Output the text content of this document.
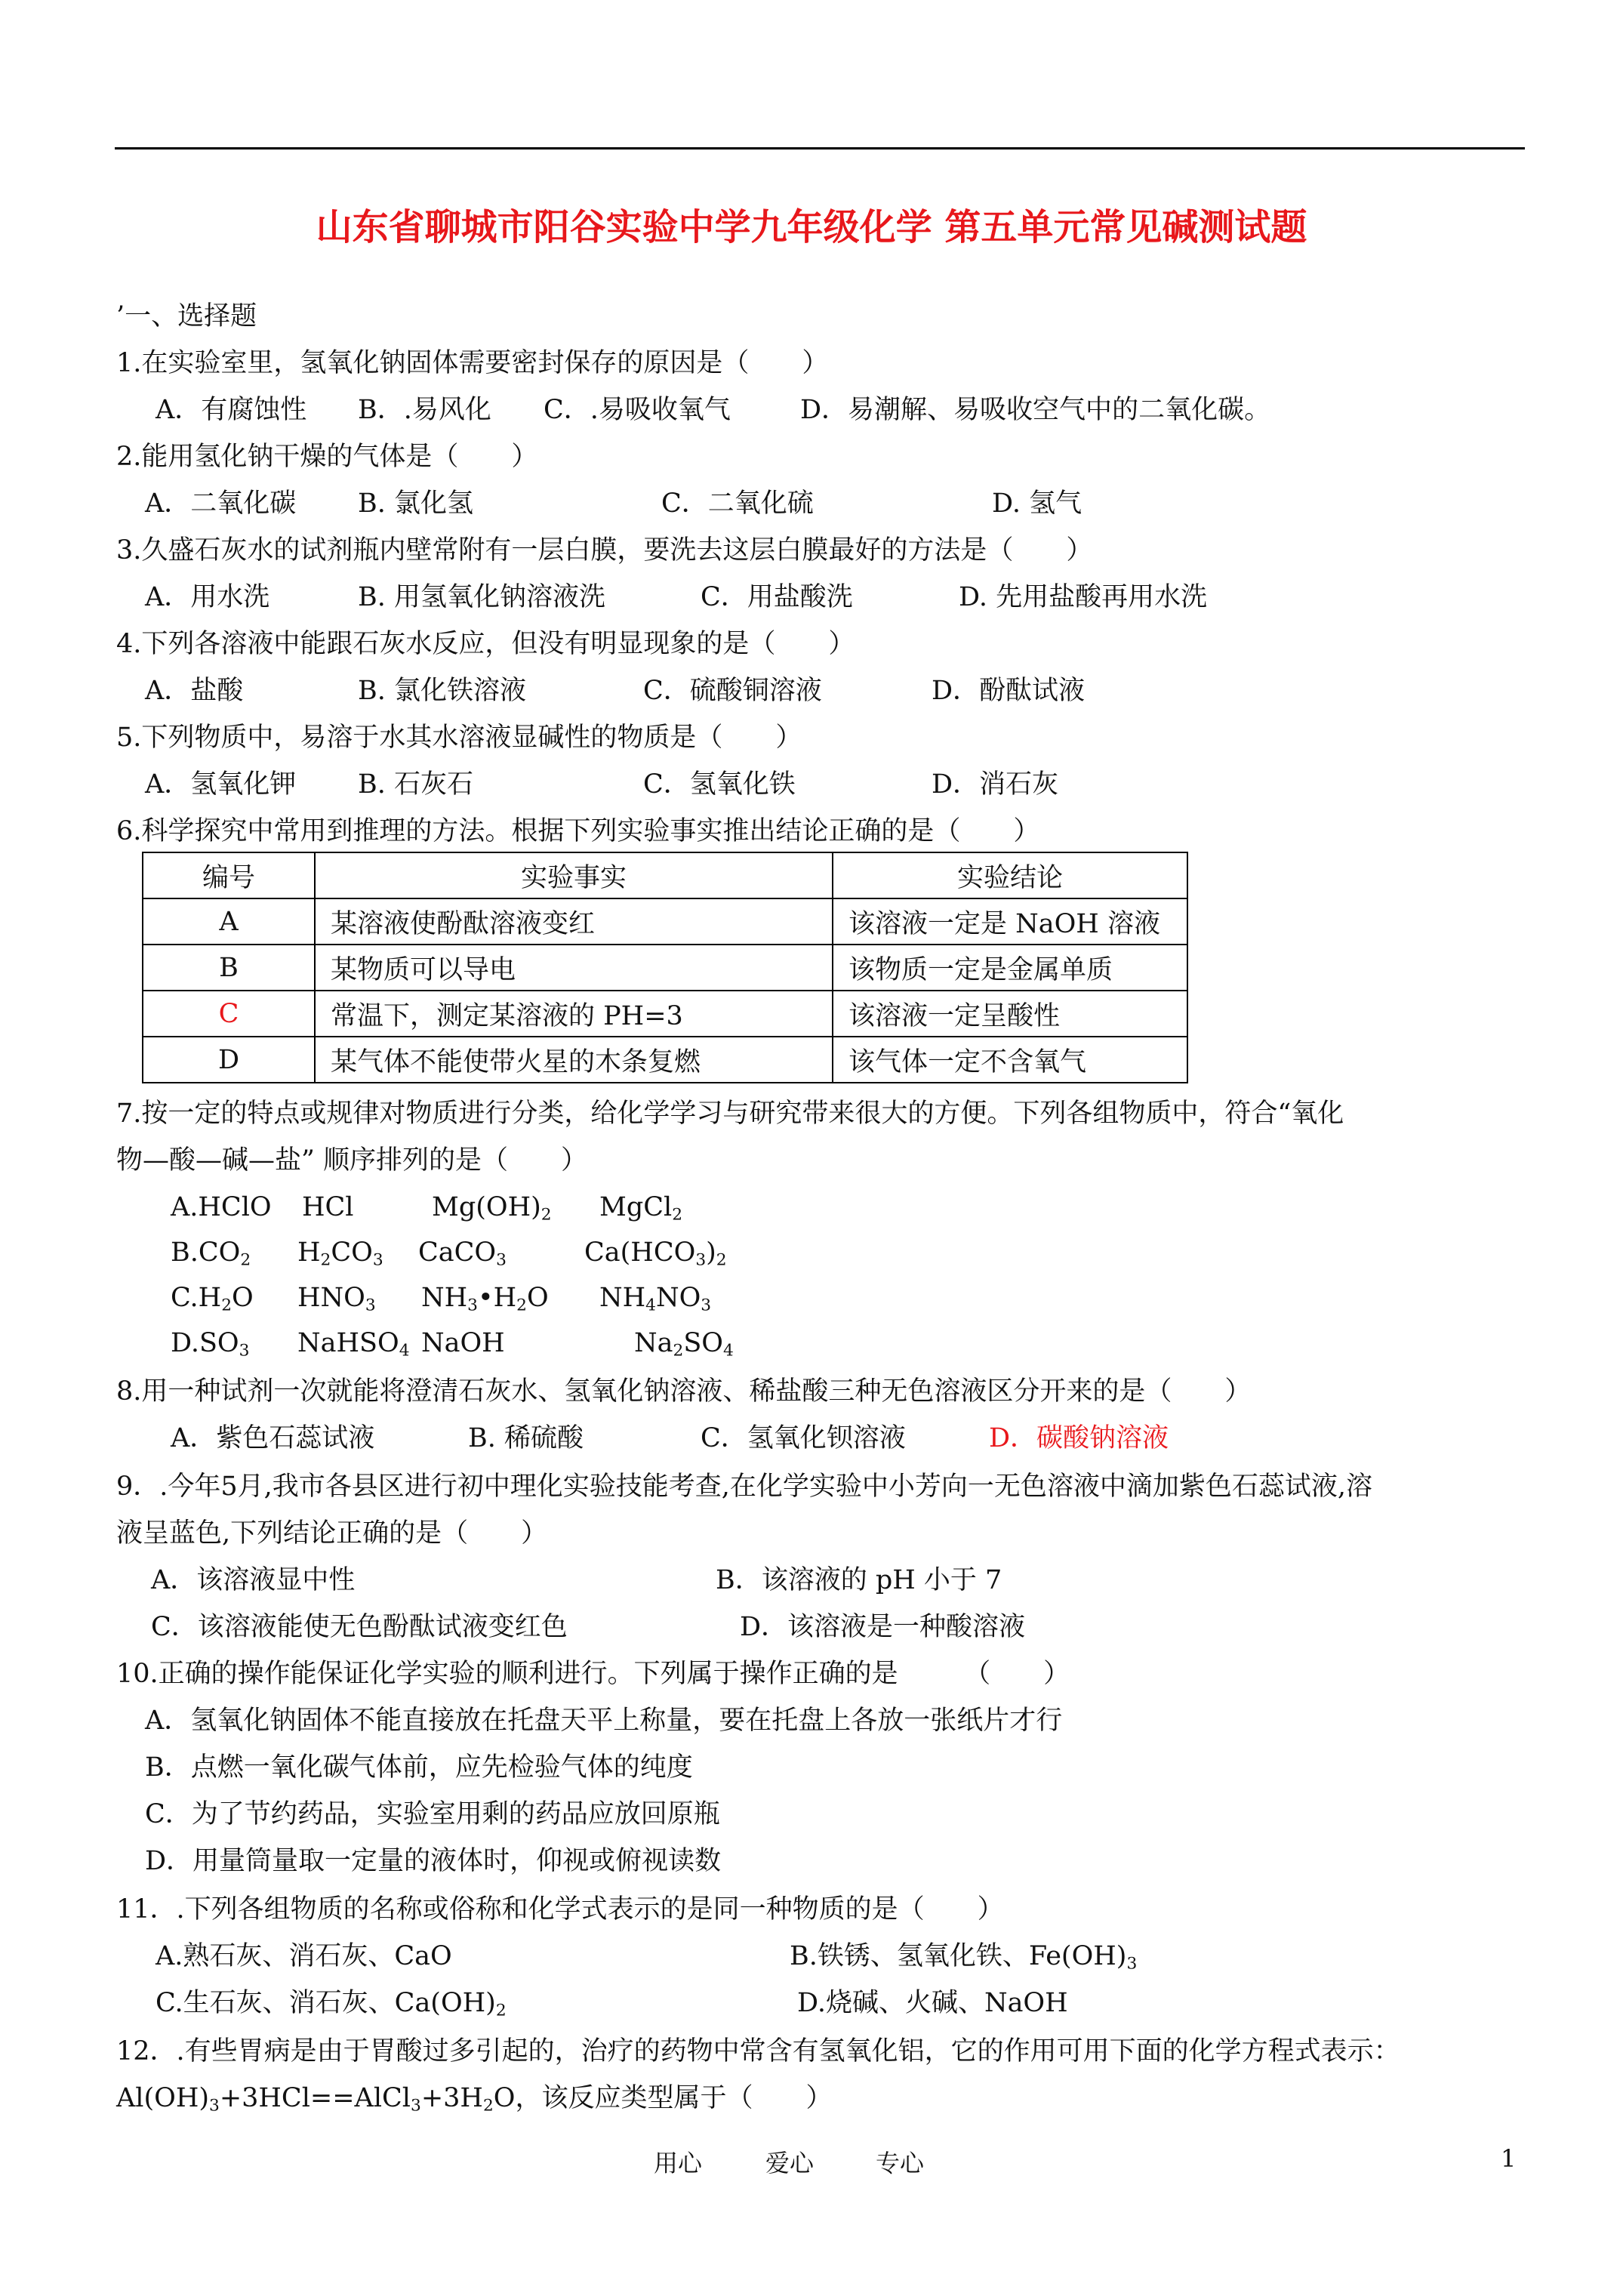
山东省聊城市阳谷实验中学九年级化学 第五单元常见碱测试题
’一、选择题
1.在实验室里，氢氧化钠固体需要密封保存的原因是（　　）
A．有腐蚀性 B．.易风化 C．.易吸收氧气	D．易潮解、易吸收空气中的二氧化碳。
2.能用氢化钠干燥的气体是（　　）
A．二氧化碳 B. 氯化氢	C．二氧化硫	D. 氢气
3.久盛石灰水的试剂瓶内壁常附有一层白膜，要洗去这层白膜最好的方法是（　　）
A．用水洗	B. 用氢氧化钠溶液洗	C．用盐酸洗	D. 先用盐酸再用水洗
4.下列各溶液中能跟石灰水反应，但没有明显现象的是（　　）
A．盐酸	B. 氯化铁溶液	C．硫酸铜溶液	D．酚酞试液
5.下列物质中，易溶于水其水溶液显碱性的物质是（　　）
A．氢氧化钾 B. 石灰石	C．氢氧化铁	D．消石灰
6.科学探究中常用到推理的方法。根据下列实验事实推出结论正确的是（　　）
编号	实验事实	实验结论
A	某溶液使酚酞溶液变红	该溶液一定是 NaOH 溶液
B	某物质可以导电	该物质一定是金属单质
C	常温下，测定某溶液的 PH=3	该溶液一定呈酸性
D	某气体不能使带火星的木条复燃	该气体一定不含氧气
7.按一定的特点或规律对物质进行分类，给化学学习与研究带来很大的方便。下列各组物质中，符合“氧化
物—酸—碱—盐” 顺序排列的是（　　）
A.HClO HCl	$Mg(OH)_2$ MgCl$_2$
$B.CO_2$ $H_2CO_3$ CaCO$_3$	$Ca(HCO_3)_2$
$C.H_2O$ $HNO_3$ $NH_3•H_2O$ $NH_4NO_3$
$D.SO_3$ NaHSO$_4$ NaOH	$Na_2SO_4$
8.用一种试剂一次就能将澄清石灰水、氢氧化钠溶液、稀盐酸三种无色溶液区分开来的是（　　）
A．紫色石蕊试液	B. 稀硫酸	C．氢氧化钡溶液	D．碳酸钠溶液
9．.今年5月,我市各县区进行初中理化实验技能考查,在化学实验中小芳向一无色溶液中滴加紫色石蕊试液,溶
液呈蓝色,下列结论正确的是（　　）
A．该溶液显中性	B．该溶液的 pH 小于 7
C．该溶液能使无色酚酞试液变红色	D．该溶液是一种酸溶液
10.正确的操作能保证化学实验的顺利进行。下列属于操作正确的是　　　（　　）
A．氢氧化钠固体不能直接放在托盘天平上称量，要在托盘上各放一张纸片才行
B．点燃一氧化碳气体前，应先检验气体的纯度
C．为了节约药品，实验室用剩的药品应放回原瓶
D．用量筒量取一定量的液体时，仰视或俯视读数
11．.下列各组物质的名称或俗称和化学式表示的是同一种物质的是（　　）
A.熟石灰、消石灰、CaO	B.铁锈、氢氧化铁、$Fe(OH)_3$
C.生石灰、消石灰、$Ca(OH)_2$	D.烧碱、火碱、NaOH
12．.有些胃病是由于胃酸过多引起的，治疗的药物中常含有氢氧化铝，它的作用可用下面的化学方程式表示：
$Al(OH)_3+3HCl==AlCl_3+3H_2O$，该反应类型属于（　　）
用心	爱心	专心	1
